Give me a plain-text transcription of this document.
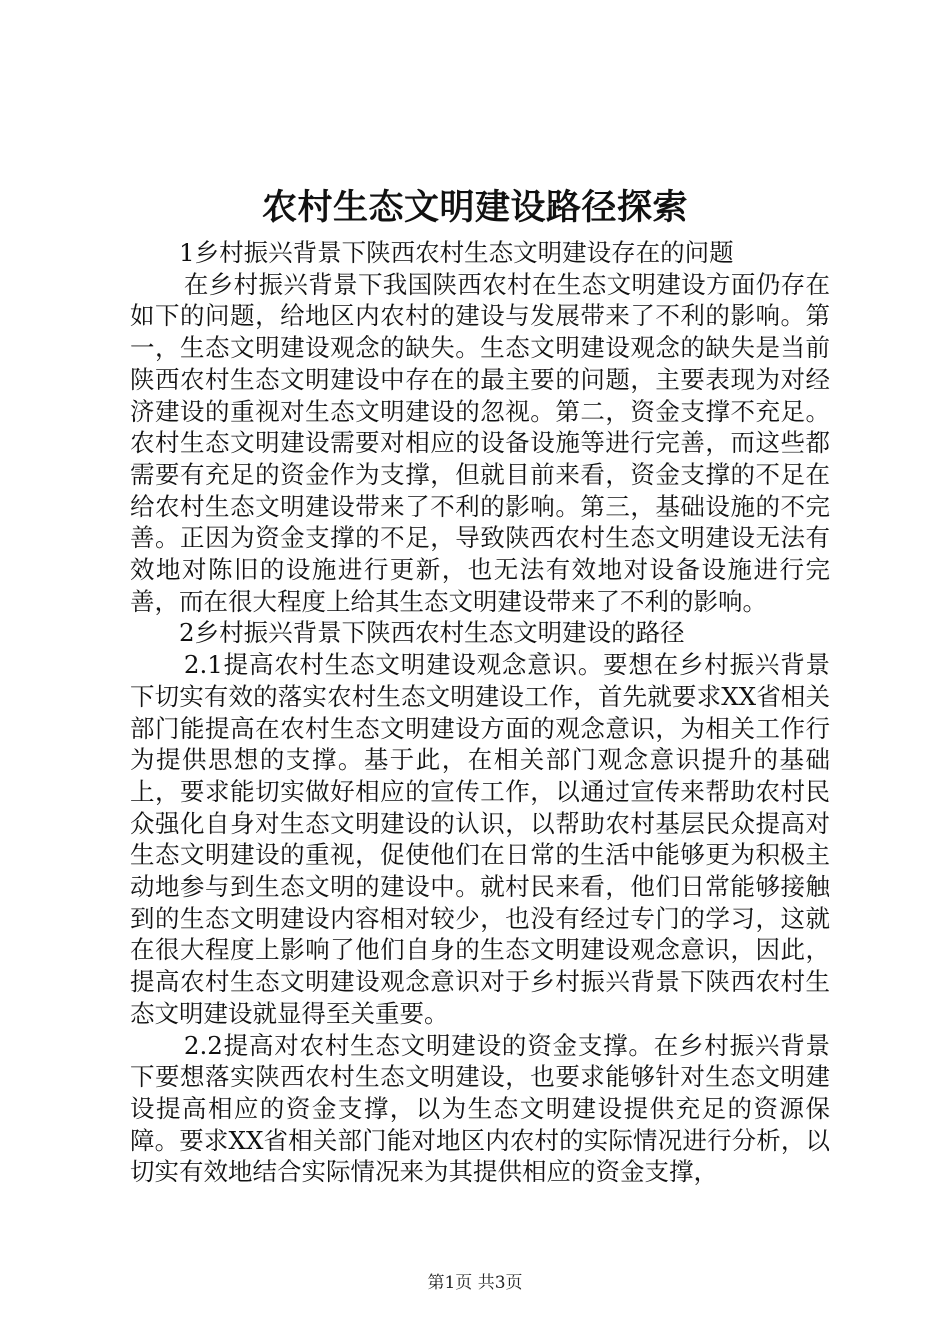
农村生态文明建设路径探索

1乡村振兴背景下陕西农村生态文明建设存在的问题

在乡村振兴背景下我国陕西农村在生态文明建设方面仍存在如下的问题，给地区内农村的建设与发展带来了不利的影响。第一，生态文明建设观念的缺失。生态文明建设观念的缺失是当前陕西农村生态文明建设中存在的最主要的问题，主要表现为对经济建设的重视对生态文明建设的忽视。第二，资金支撑不充足。农村生态文明建设需要对相应的设备设施等进行完善，而这些都需要有充足的资金作为支撑，但就目前来看，资金支撑的不足在给农村生态文明建设带来了不利的影响。第三，基础设施的不完善。正因为资金支撑的不足，导致陕西农村生态文明建设无法有效地对陈旧的设施进行更新，也无法有效地对设备设施进行完善，而在很大程度上给其生态文明建设带来了不利的影响。

2乡村振兴背景下陕西农村生态文明建设的路径

2.1提高农村生态文明建设观念意识。要想在乡村振兴背景下切实有效的落实农村生态文明建设工作，首先就要求XX省相关部门能提高在农村生态文明建设方面的观念意识，为相关工作行为提供思想的支撑。基于此，在相关部门观念意识提升的基础上，要求能切实做好相应的宣传工作，以通过宣传来帮助农村民众强化自身对生态文明建设的认识，以帮助农村基层民众提高对生态文明建设的重视，促使他们在日常的生活中能够更为积极主动地参与到生态文明的建设中。就村民来看，他们日常能够接触到的生态文明建设内容相对较少，也没有经过专门的学习，这就在很大程度上影响了他们自身的生态文明建设观念意识，因此，提高农村生态文明建设观念意识对于乡村振兴背景下陕西农村生态文明建设就显得至关重要。

2.2提高对农村生态文明建设的资金支撑。在乡村振兴背景下要想落实陕西农村生态文明建设，也要求能够针对生态文明建设提高相应的资金支撑，以为生态文明建设提供充足的资源保障。要求XX省相关部门能对地区内农村的实际情况进行分析，以切实有效地结合实际情况来为其提供相应的资金支撑，

第1页 共3页
